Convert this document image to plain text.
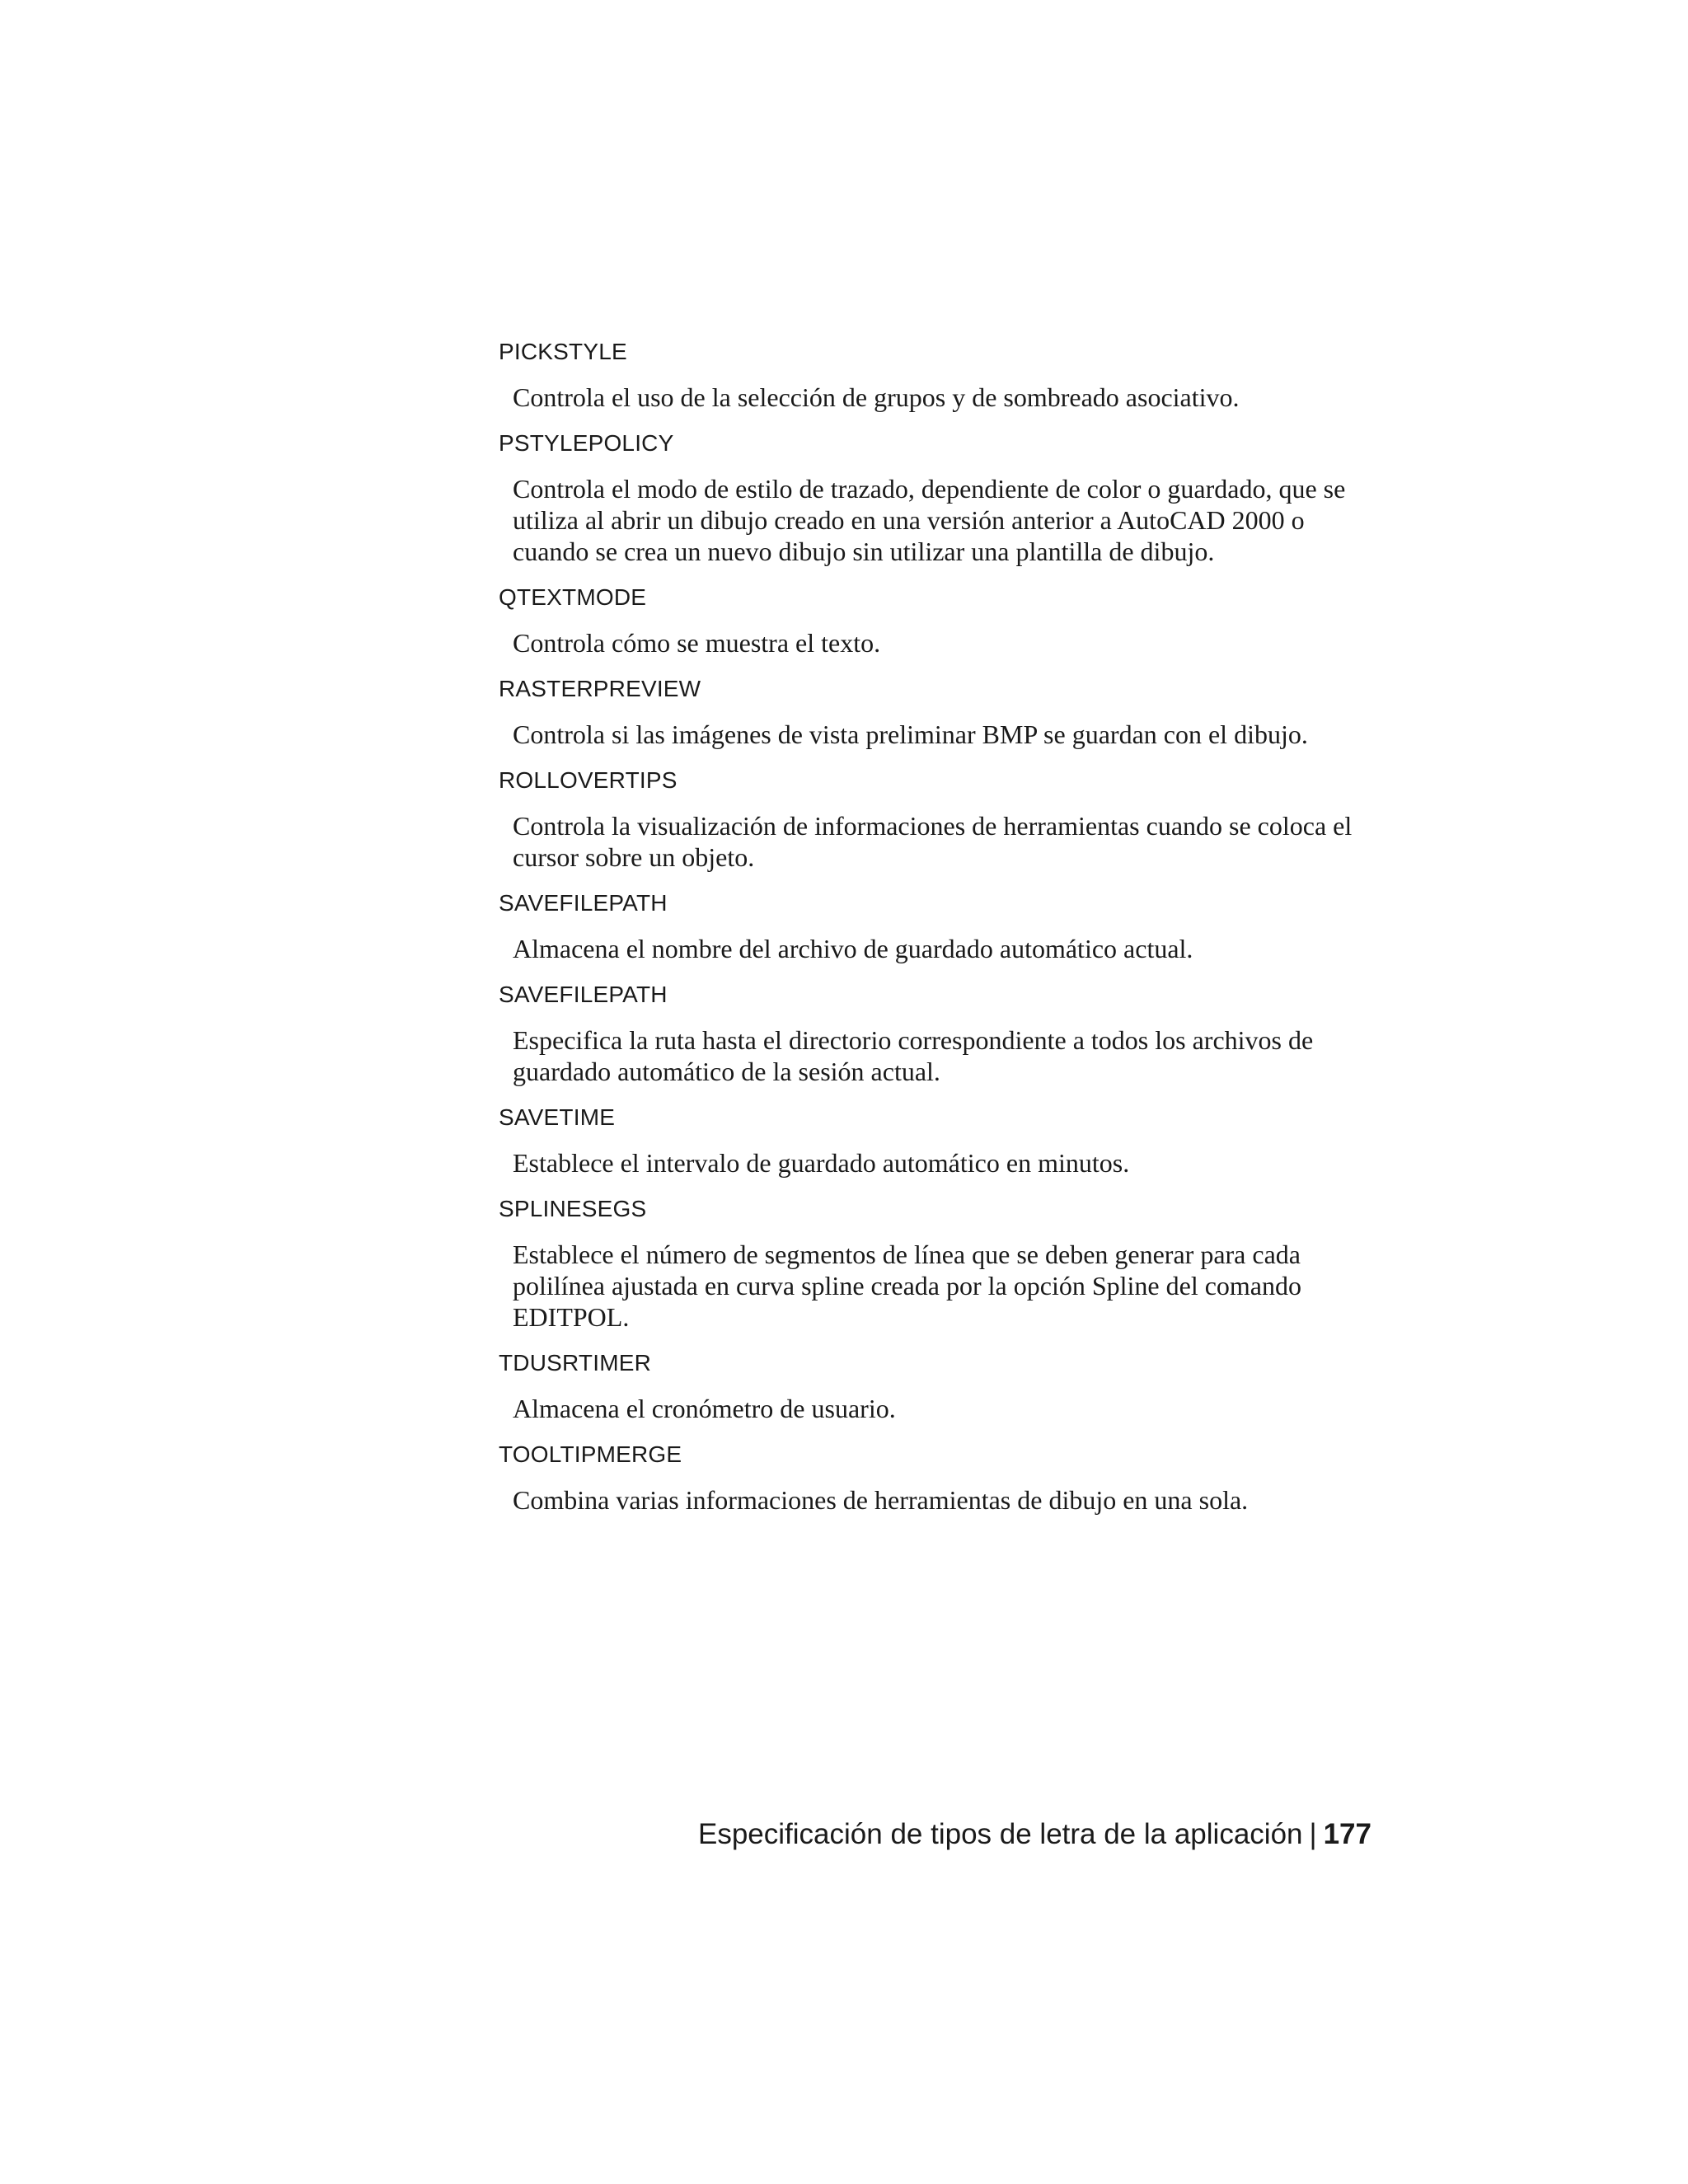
PICKSTYLE

Controla el uso de la selección de grupos y de sombreado asociativo.

PSTYLEPOLICY

Controla el modo de estilo de trazado, dependiente de color o guardado, que se utiliza al abrir un dibujo creado en una versión anterior a AutoCAD 2000 o cuando se crea un nuevo dibujo sin utilizar una plantilla de dibujo.

QTEXTMODE

Controla cómo se muestra el texto.

RASTERPREVIEW

Controla si las imágenes de vista preliminar BMP se guardan con el dibujo.

ROLLOVERTIPS

Controla la visualización de informaciones de herramientas cuando se coloca el cursor sobre un objeto.

SAVEFILEPATH

Almacena el nombre del archivo de guardado automático actual.

SAVEFILEPATH

Especifica la ruta hasta el directorio correspondiente a todos los archivos de guardado automático de la sesión actual.

SAVETIME

Establece el intervalo de guardado automático en minutos.

SPLINESEGS

Establece el número de segmentos de línea que se deben generar para cada polilínea ajustada en curva spline creada por la opción Spline del comando EDITPOL.

TDUSRTIMER

Almacena el cronómetro de usuario.

TOOLTIPMERGE

Combina varias informaciones de herramientas de dibujo en una sola.

Especificación de tipos de letra de la aplicación | 177
